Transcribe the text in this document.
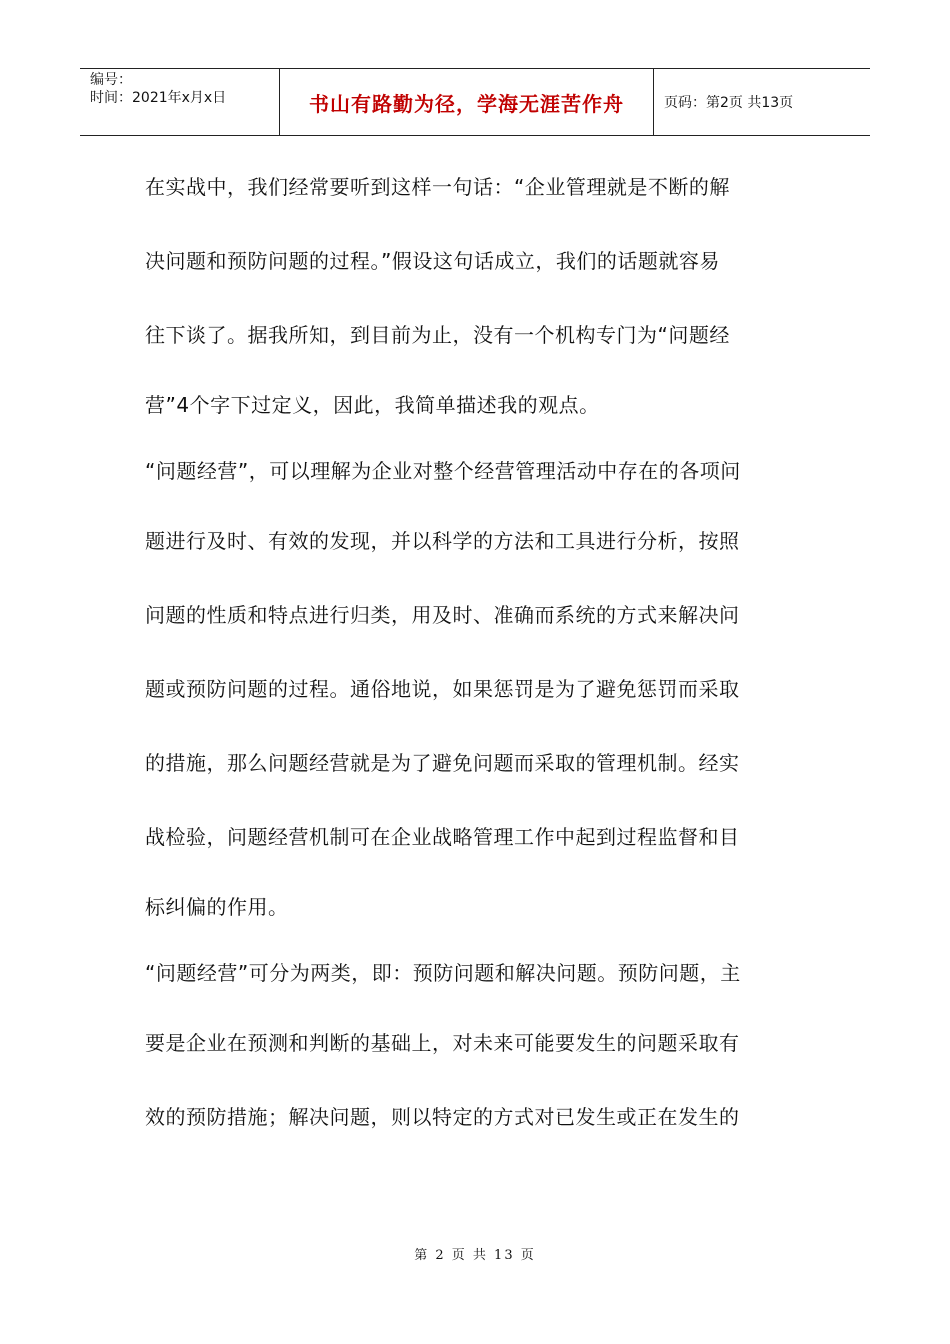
编号：
时间：2021年x月x日	书山有路勤为径，学海无涯苦作舟	页码：第2页 共13页
在实战中，我们经常要听到这样一句话：“企业管理就是不断的解
决问题和预防问题的过程。”假设这句话成立，我们的话题就容易
往下谈了。据我所知，到目前为止，没有一个机构专门为“问题经
营”4个字下过定义，因此，我简单描述我的观点。
“问题经营”，可以理解为企业对整个经营管理活动中存在的各项问
题进行及时、有效的发现，并以科学的方法和工具进行分析，按照
问题的性质和特点进行归类，用及时、准确而系统的方式来解决问
题或预防问题的过程。通俗地说，如果惩罚是为了避免惩罚而采取
的措施，那么问题经营就是为了避免问题而采取的管理机制。经实
战检验，问题经营机制可在企业战略管理工作中起到过程监督和目
标纠偏的作用。
“问题经营”可分为两类，即：预防问题和解决问题。预防问题，主
要是企业在预测和判断的基础上，对未来可能要发生的问题采取有
效的预防措施；解决问题，则以特定的方式对已发生或正在发生的
第 2 页 共 13 页
